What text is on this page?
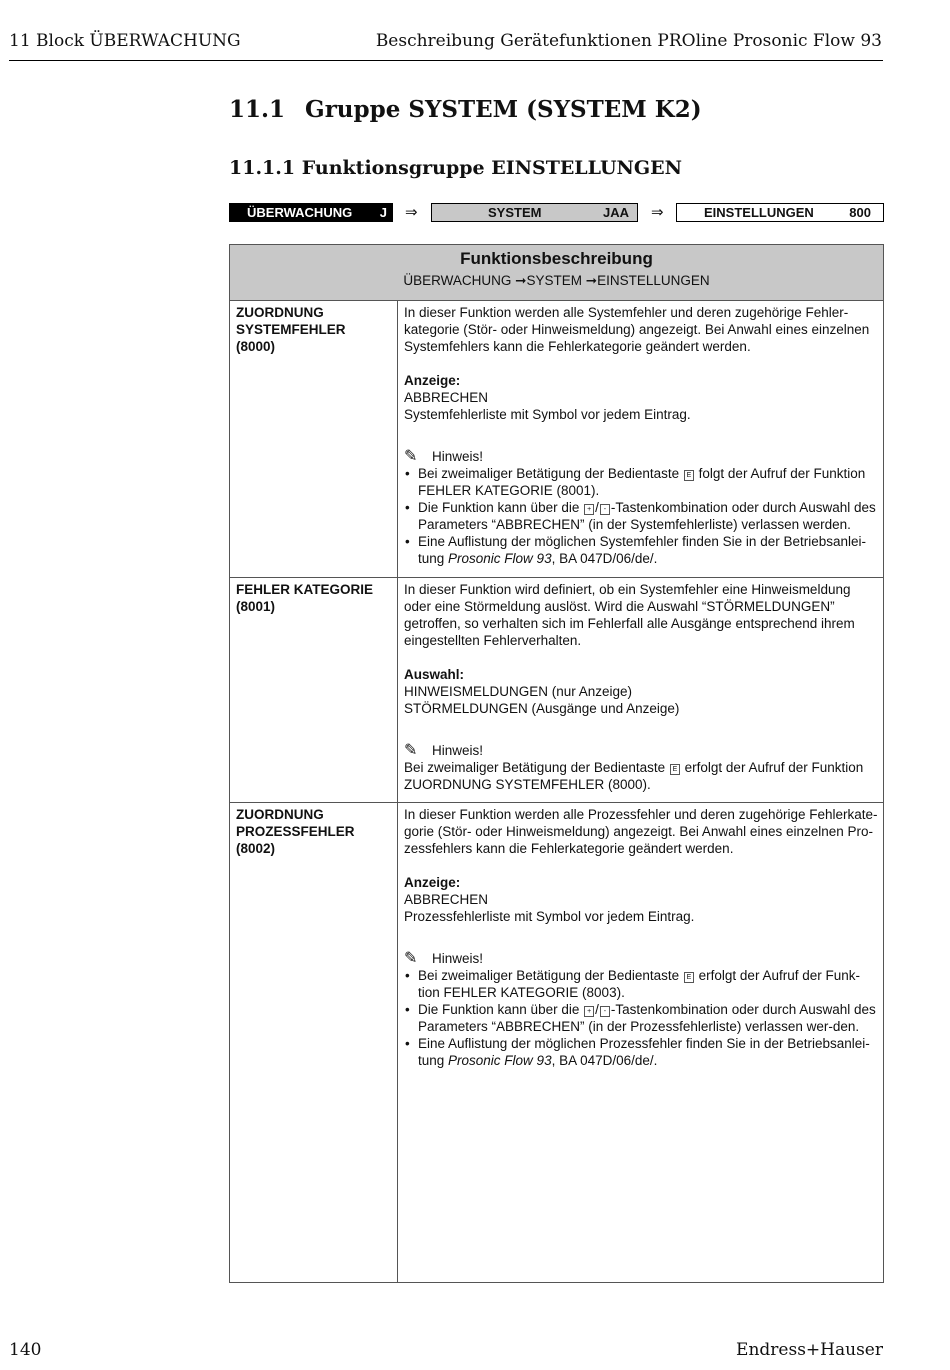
11 Block ÜBERWACHUNG	Beschreibung Gerätefunktionen PROline Prosonic Flow 93
11.1 Gruppe SYSTEM (SYSTEM K2)
11.1.1 Funktionsgruppe EINSTELLUNGEN
ÜBERWACHUNG J ⇒	SYSTEM	JAA ⇒	EINSTELLUNGEN	800
Funktionsbeschreibung
ÜBERWACHUNG ➞SYSTEM ➞EINSTELLUNGEN
ZUORDNUNG
SYSTEMFEHLER
(8000)

In dieser Funktion werden alle Systemfehler und deren zugehörige Fehler-kategorie (Stör- oder Hinweismeldung) angezeigt. Bei Anwahl eines einzelnen Systemfehlers kann die Fehlerkategorie geändert werden.

Anzeige:

ABBRECHEN

Systemfehlerliste mit Symbol vor jedem Eintrag.

✎	Hinweis!
• Bei zweimaliger Betätigung der Bedientaste E folgt der Aufruf der Funktion FEHLER KATEGORIE (8001).
• Die Funktion kann über die + / - -Tastenkombination oder durch Auswahl des Parameters “ABBRECHEN” (in der Systemfehlerliste) verlassen werden.
• Eine Auflistung der möglichen Systemfehler finden Sie in der Betriebsanlei-tung Prosonic Flow 93, BA 047D/06/de/.
FEHLER KATEGORIE
(8001)

In dieser Funktion wird definiert, ob ein Systemfehler eine Hinweismeldung oder eine Störmeldung auslöst. Wird die Auswahl “STÖRMELDUNGEN” getroffen, so verhalten sich im Fehlerfall alle Ausgänge entsprechend ihrem eingestellten Fehlerverhalten.

Auswahl:

HINWEISMELDUNGEN (nur Anzeige)

STÖRMELDUNGEN (Ausgänge und Anzeige)

✎	Hinweis!

Bei zweimaliger Betätigung der Bedientaste E erfolgt der Aufruf der Funktion ZUORDNUNG SYSTEMFEHLER (8000).

ZUORDNUNG
PROZESSFEHLER
(8002)

In dieser Funktion werden alle Prozessfehler und deren zugehörige Fehlerkate-gorie (Stör- oder Hinweismeldung) angezeigt. Bei Anwahl eines einzelnen Pro-zessfehlers kann die Fehlerkategorie geändert werden.

Anzeige:

ABBRECHEN

Prozessfehlerliste mit Symbol vor jedem Eintrag.

✎	Hinweis!
• Bei zweimaliger Betätigung der Bedientaste E erfolgt der Aufruf der Funk-tion FEHLER KATEGORIE (8003).
• Die Funktion kann über die + / - -Tastenkombination oder durch Auswahl des Parameters “ABBRECHEN” (in der Prozessfehlerliste) verlassen wer-den.
• Eine Auflistung der möglichen Prozessfehler finden Sie in der Betriebsanlei-tung Prosonic Flow 93, BA 047D/06/de/.
140	Endress+Hauser
